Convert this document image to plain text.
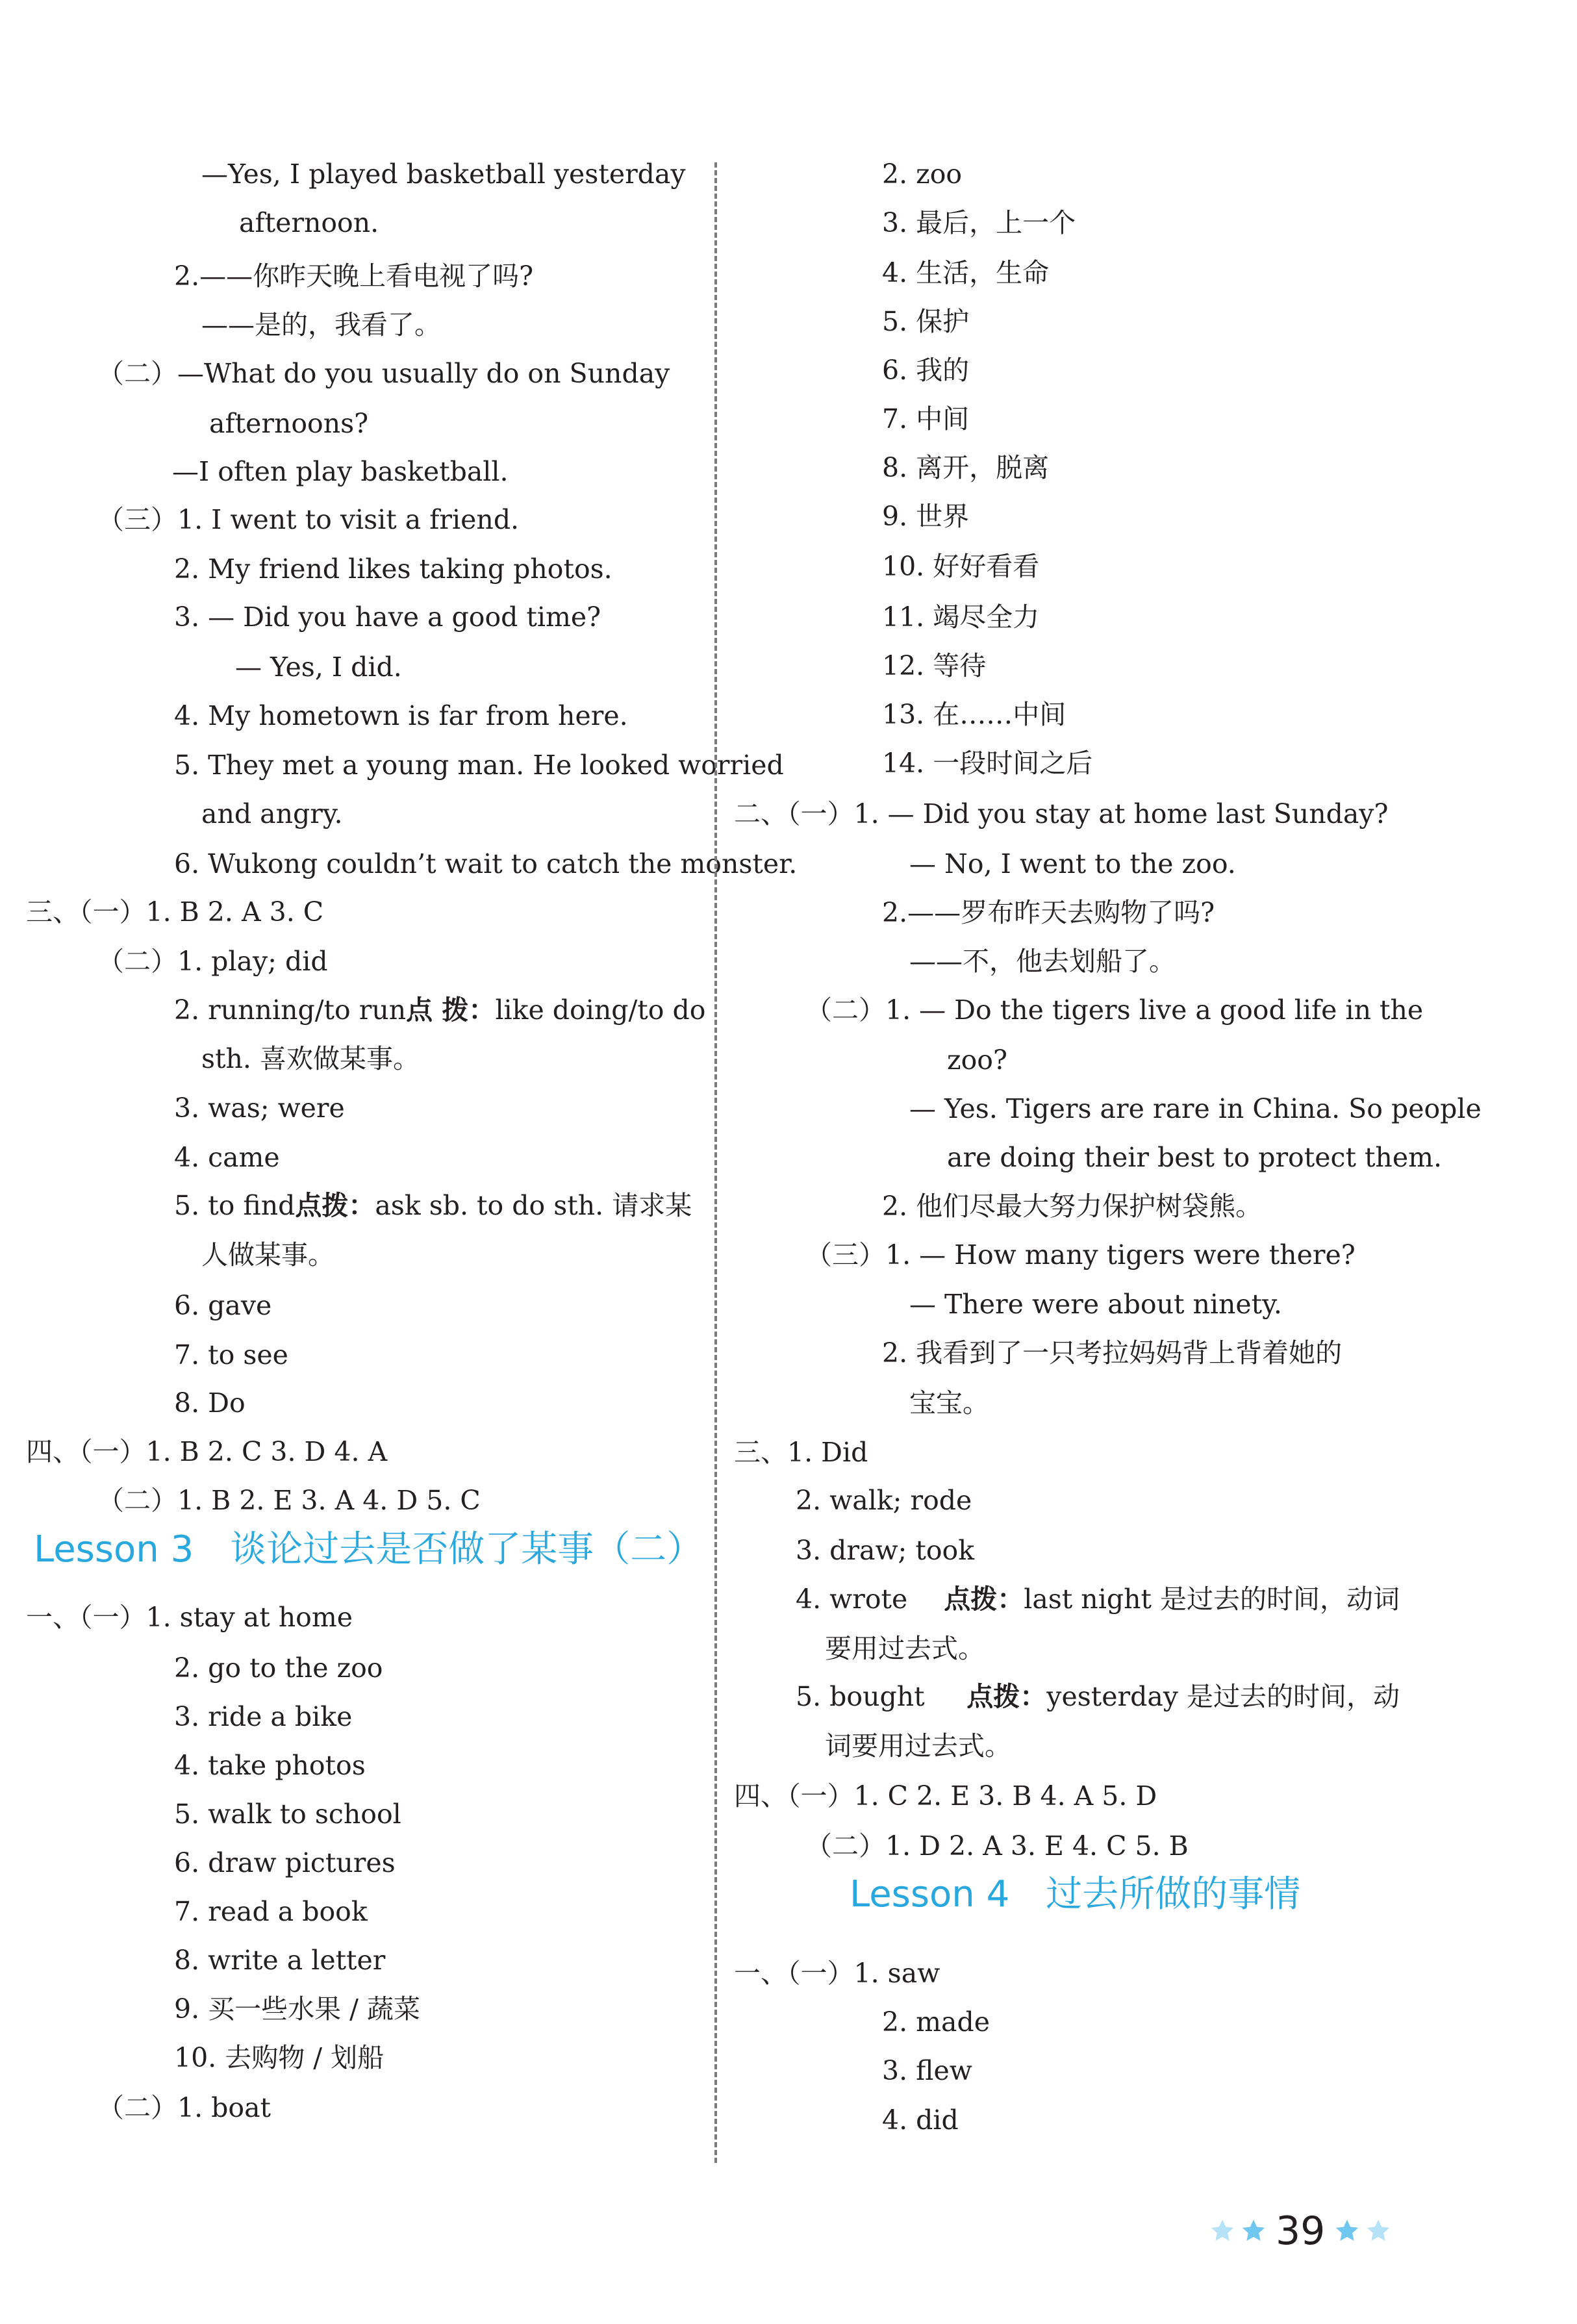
—Yes, I played basketball yesterday
afternoon.
2.——你昨天晚上看电视了吗?
——是的，我看了。
（二）—What do you usually do on Sunday
afternoons?
—I often play basketball.
（三）1. I went to visit a friend.
2. My friend likes taking photos.
3. — Did you have a good time?
— Yes, I did.
4. My hometown is far from here.
5. They met a young man. He looked worried
and angry.
6. Wukong couldn’t wait to catch the monster.
三、（一）1. B 2. A 3. C
（二）1. play; did
2. running/to run 点 拨：like doing/to do
sth. 喜欢做某事。
3. was; were
4. came
5. to find 点拨：ask sb. to do sth. 请求某
人做某事。
6. gave
7. to see
8. Do
四、（一）1. B 2. C 3. D 4. A
（二）1. B 2. E 3. A 4. D 5. C
一、（一）1. stay at home
2. go to the zoo
3. ride a bike
4. take photos
5. walk to school
6. draw pictures
7. read a book
8. write a letter
9. 买一些水果 / 蔬菜
10. 去购物 / 划船
（二）1. boat
2. zoo
3. 最后，上一个
4. 生活，生命
5. 保护
6. 我的
7. 中间
8. 离开，脱离
9. 世界
10. 好好看看
11. 竭尽全力
12. 等待
13. 在……中间
14. 一段时间之后
二、（一）1. — Did you stay at home last Sunday?
— No, I went to the zoo.
2.——罗布昨天去购物了吗?
——不，他去划船了。
（二）1. — Do the tigers live a good life in the
zoo?
— Yes. Tigers are rare in China. So people
are doing their best to protect them.
2. 他们尽最大努力保护树袋熊。
（三）1. — How many tigers were there?
— There were about ninety.
2. 我看到了一只考拉妈妈背上背着她的
宝宝。
三、1. Did
2. walk; rode
3. draw; took
4. wrote 点拨：last night 是过去的时间，动词
要用过去式。
5. bought 点拨：yesterday 是过去的时间，动
词要用过去式。
四、（一）1. C 2. E 3. B 4. A 5. D
（二）1. D 2. A 3. E 4. C 5. B
一、（一）1. saw
2. made
3. flew
4. did
39
Lesson 3 谈论过去是否做了某事（二）
Lesson 4 过去所做的事情
